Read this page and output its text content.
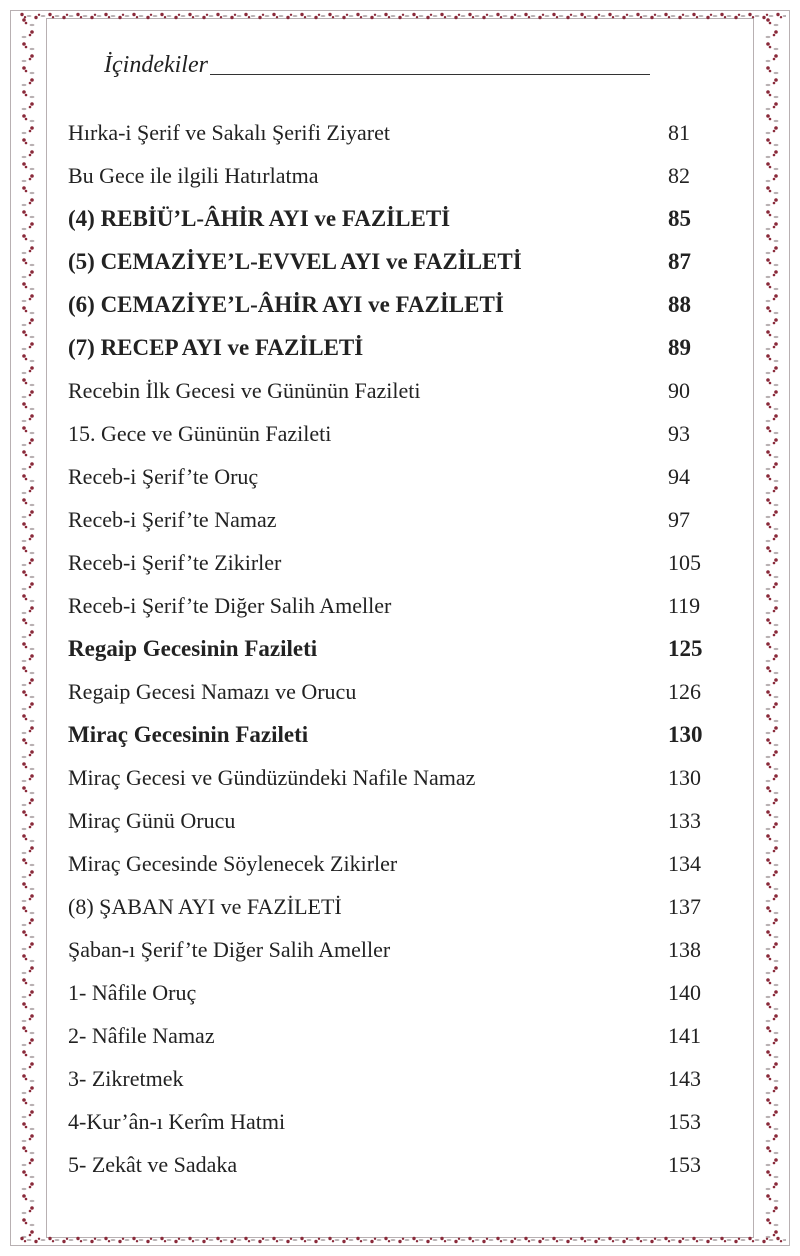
İçindekiler
Hırka-i Şerif ve Sakalı Şerifi Ziyaret	81
Bu Gece ile ilgili Hatırlatma	82
(4) REBİÜ’L-ÂHİR AYI ve FAZİLETİ	85
(5) CEMAZİYE’L-EVVEL AYI ve FAZİLETİ	87
(6) CEMAZİYE’L-ÂHİR AYI ve FAZİLETİ	88
(7) RECEP AYI ve FAZİLETİ	89
Recebin İlk Gecesi ve Gününün Fazileti	90
15. Gece ve Gününün Fazileti	93
Receb-i Şerif’te Oruç	94
Receb-i Şerif’te Namaz	97
Receb-i Şerif’te Zikirler	105
Receb-i Şerif’te Diğer Salih Ameller	119
Regaip Gecesinin Fazileti	125
Regaip Gecesi Namazı ve Orucu	126
Miraç Gecesinin Fazileti	130
Miraç Gecesi ve Gündüzündeki Nafile Namaz	130
Miraç Günü Orucu	133
Miraç Gecesinde Söylenecek Zikirler	134
(8) ŞABAN AYI ve FAZİLETİ	137
Şaban-ı Şerif’te Diğer Salih Ameller	138
1- Nâfile Oruç	140
2- Nâfile Namaz	141
3- Zikretmek	143
4-Kur’ân-ı Kerîm Hatmi	153
5- Zekât ve Sadaka	153
